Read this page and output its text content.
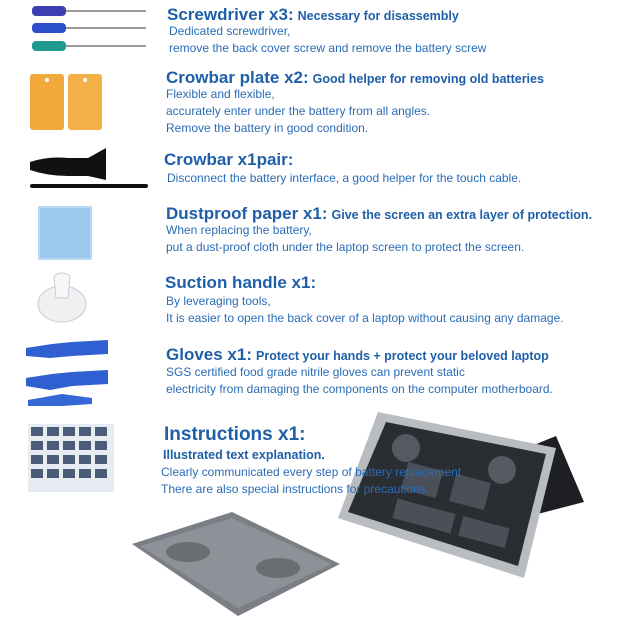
Screwdriver x3: Necessary for disassembly
Dedicated screwdriver,
remove the back cover screw and remove the battery screw
Crowbar plate x2: Good helper for removing old batteries
Flexible and flexible,
accurately enter under the battery from all angles.
Remove the battery in good condition.
Crowbar x1pair:
Disconnect the battery interface, a good helper for the touch cable.
Dustproof paper x1: Give the screen an extra layer of protection.
When replacing the battery,
put a dust-proof cloth under the laptop screen to protect the screen.
Suction handle x1:
By leveraging tools,
It is easier to open the back cover of a laptop without causing any damage.
Gloves x1: Protect your hands + protect your beloved laptop
SGS certified food grade nitrile gloves can prevent static
electricity from damaging the components on the computer motherboard.
Instructions x1:
Illustrated text explanation.
Clearly communicated every step of battery replacement
There are also special instructions for precautions.
